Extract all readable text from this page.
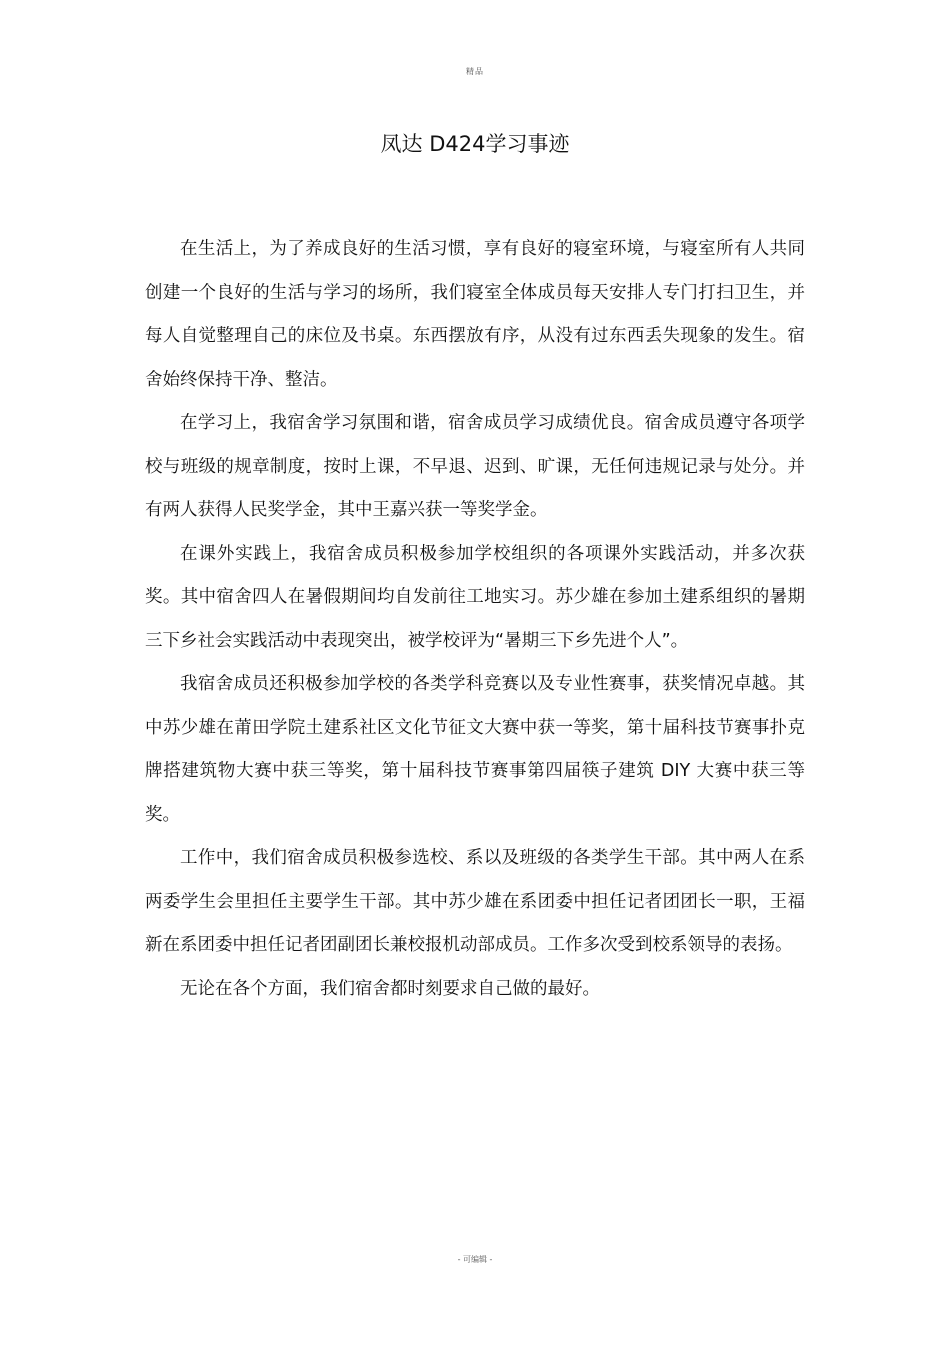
精品
凤达 D424学习事迹

在生活上，为了养成良好的生活习惯，享有良好的寝室环境，与寝室所有人共同创建一个良好的生活与学习的场所，我们寝室全体成员每天安排人专门打扫卫生，并每人自觉整理自己的床位及书桌。东西摆放有序，从没有过东西丢失现象的发生。宿舍始终保持干净、整洁。

在学习上，我宿舍学习氛围和谐，宿舍成员学习成绩优良。宿舍成员遵守各项学校与班级的规章制度，按时上课，不早退、迟到、旷课，无任何违规记录与处分。并有两人获得人民奖学金，其中王嘉兴获一等奖学金。

在课外实践上，我宿舍成员积极参加学校组织的各项课外实践活动，并多次获奖。其中宿舍四人在暑假期间均自发前往工地实习。苏少雄在参加土建系组织的暑期三下乡社会实践活动中表现突出，被学校评为“暑期三下乡先进个人”。

我宿舍成员还积极参加学校的各类学科竞赛以及专业性赛事，获奖情况卓越。其中苏少雄在莆田学院土建系社区文化节征文大赛中获一等奖，第十届科技节赛事扑克牌搭建筑物大赛中获三等奖，第十届科技节赛事第四届筷子建筑 DIY 大赛中获三等奖。

工作中，我们宿舍成员积极参选校、系以及班级的各类学生干部。其中两人在系两委学生会里担任主要学生干部。其中苏少雄在系团委中担任记者团团长一职，王福新在系团委中担任记者团副团长兼校报机动部成员。工作多次受到校系领导的表扬。

无论在各个方面，我们宿舍都时刻要求自己做的最好。

- 可编辑 -
